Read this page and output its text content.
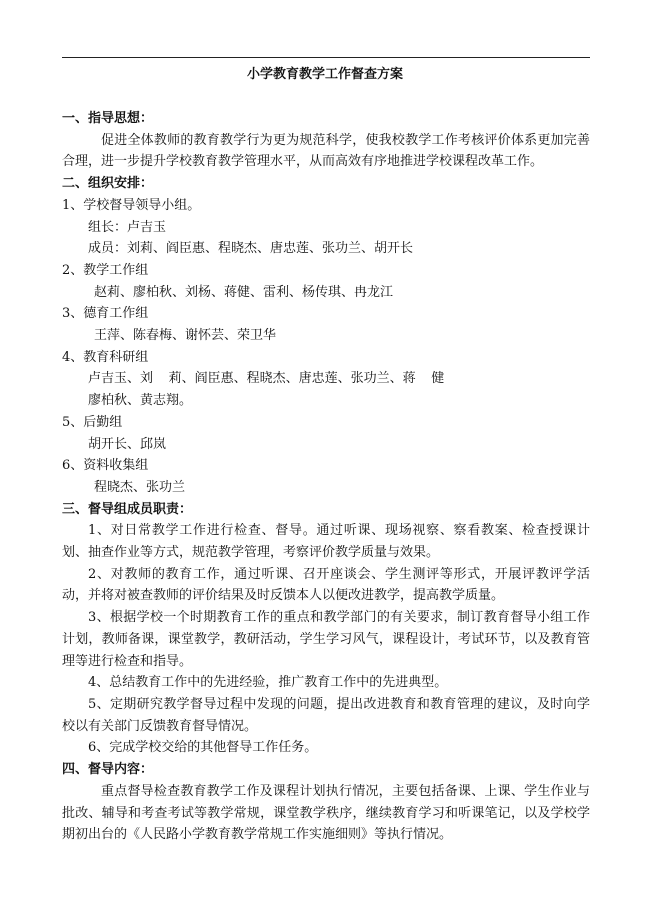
小学教育教学工作督查方案

一、指导思想：

促进全体教师的教育教学行为更为规范科学，使我校教学工作考核评价体系更加完善合理，进一步提升学校教育教学管理水平，从而高效有序地推进学校课程改革工作。

二、组织安排：

1、学校督导领导小组。

组长：卢吉玉

成员：刘莉、阎臣惠、程晓杰、唐忠莲、张功兰、胡开长

2、教学工作组

赵莉、廖柏秋、刘杨、蒋健、雷利、杨传琪、冉龙江

3、德育工作组

王萍、陈春梅、谢怀芸、荣卫华

4、教育科研组

卢吉玉、刘 莉、阎臣惠、程晓杰、唐忠莲、张功兰、蒋 健

廖柏秋、黄志翔。

5、后勤组

胡开长、邱岚

6、资料收集组

程晓杰、张功兰

三、督导组成员职责：

1、对日常教学工作进行检查、督导。通过听课、现场视察、察看教案、检查授课计划、抽查作业等方式，规范教学管理，考察评价教学质量与效果。

2、对教师的教育工作，通过听课、召开座谈会、学生测评等形式，开展评教评学活动，并将对被查教师的评价结果及时反馈本人以便改进教学，提高教学质量。

3、根据学校一个时期教育工作的重点和教学部门的有关要求，制订教育督导小组工作计划，教师备课，课堂教学，教研活动，学生学习风气，课程设计，考试环节，以及教育管理等进行检查和指导。

4、总结教育工作中的先进经验，推广教育工作中的先进典型。

5、定期研究教学督导过程中发现的问题，提出改进教育和教育管理的建议，及时向学校以有关部门反馈教育督导情况。

6、完成学校交给的其他督导工作任务。

四、督导内容：

重点督导检查教育教学工作及课程计划执行情况，主要包括备课、上课、学生作业与批改、辅导和考查考试等教学常规，课堂教学秩序，继续教育学习和听课笔记，以及学校学期初出台的《人民路小学教育教学常规工作实施细则》等执行情况。
